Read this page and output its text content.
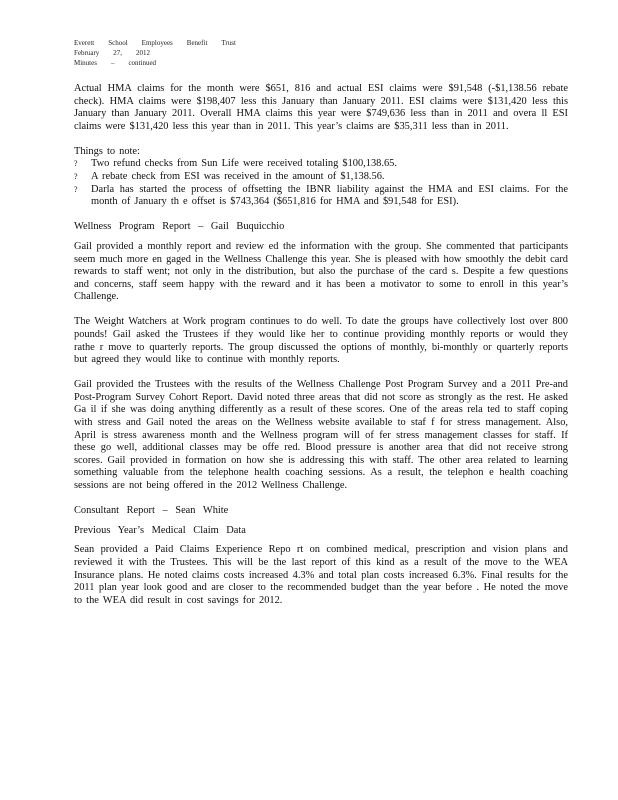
Everett School Employees Benefit Trust
February 27, 2012
Minutes – continued

Actual HMA claims for the month were $651, 816 and actual ESI claims were $91,548 (-$1,138.56 rebate check). HMA claims were $198,407 less this January than January 2011. ESI claims were $131,420 less this January than January 2011. Overall HMA claims this year were $749,636 less than in 2011 and overa ll ESI claims were $131,420 less this year than in 2011. This year’s claims are $35,311 less than in 2011.

Things to note:
? Two refund checks from Sun Life were received totaling $100,138.65.
? A rebate check from ESI was received in the amount of $1,138.56.
? Darla has started the process of offsetting the IBNR liability against the HMA and ESI claims. For the month of January th e offset is $743,364 ($651,816 for HMA and $91,548 for ESI).
Wellness Program Report – Gail Buquicchio

Gail provided a monthly report and review ed the information with the group. She commented that participants seem much more en gaged in the Wellness Challenge this year. She is pleased with how smoothly the debit card rewards to staff went; not only in the distribution, but also the purchase of the card s. Despite a few questions and concerns, staff seem happy with the reward and it has been a motivator to some to enroll in this year’s Challenge.

The Weight Watchers at Work program continues to do well. To date the groups have collectively lost over 800 pounds! Gail asked the Trustees if they would like her to continue providing monthly reports or would they rathe r move to quarterly reports. The group discussed the options of monthly, bi-monthly or quarterly reports but agreed they would like to continue with monthly reports.

Gail provided the Trustees with the results of the Wellness Challenge Post Program Survey and a 2011 Pre-and Post-Program Survey Cohort Report. David noted three areas that did not score as strongly as the rest. He asked Ga il if she was doing anything differently as a result of these scores. One of the areas rela ted to staff coping with stress and Gail noted the areas on the Wellness website available to staf f for stress management. Also, April is stress awareness month and the Wellness program will of fer stress management classes for staff. If these go well, additional classes may be offe red. Blood pressure is another area that did not receive strong scores. Gail provided in formation on how she is addressing this with staff. The other area related to learning something valuable from the telephone health coaching sessions. As a result, the telephon e health coaching sessions are not being offered in the 2012 Wellness Challenge.

Consultant Report – Sean White
Previous Year’s Medical Claim Data

Sean provided a Paid Claims Experience Repo rt on combined medical, prescription and vision plans and reviewed it with the Trustees. This will be the last report of this kind as a result of the move to the WEA Insurance plans. He noted claims costs increased 4.3% and total plan costs increased 6.3%. Final results for the 2011 plan year look good and are closer to the recommended budget than the year before . He noted the move to the WEA did result in cost savings for 2012.
